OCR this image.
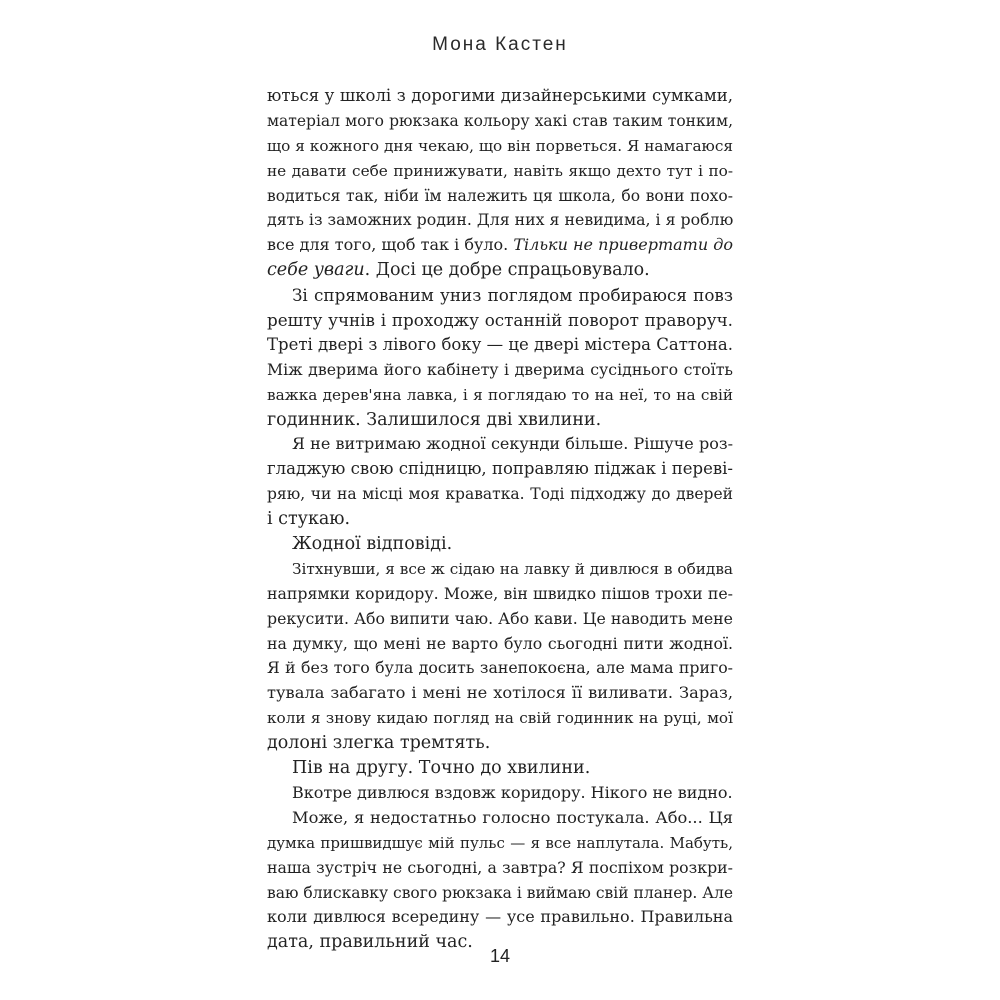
Мона Кастен
ються у школі з дорогими дизайнерськими сумками,
матеріал мого рюкзака кольору хакі став таким тонким,
що я кожного дня чекаю, що він порветься. Я намагаюся
не давати себе принижувати, навіть якщо дехто тут і по-
водиться так, ніби їм належить ця школа, бо вони похо-
дять із заможних родин. Для них я невидима, і я роблю
все для того, щоб так і було. Тільки не привертати до
себе уваги. Досі це добре спрацьовувало.
Зі спрямованим униз поглядом пробираюся повз
решту учнів і проходжу останній поворот праворуч.
Треті двері з лівого боку — це двері містера Саттона.
Між дверима його кабінету і дверима сусіднього стоїть
важка дерев'яна лавка, і я поглядаю то на неї, то на свій
годинник. Залишилося дві хвилини.
Я не витримаю жодної секунди більше. Рішуче роз-
гладжую свою спідницю, поправляю піджак і переві-
ряю, чи на місці моя краватка. Тоді підходжу до дверей
і стукаю.
Жодної відповіді.
Зітхнувши, я все ж сідаю на лавку й дивлюся в обидва
напрямки коридору. Може, він швидко пішов трохи пе-
рекусити. Або випити чаю. Або кави. Це наводить мене
на думку, що мені не варто було сьогодні пити жодної.
Я й без того була досить занепокоєна, але мама приго-
тувала забагато і мені не хотілося її виливати. Зараз,
коли я знову кидаю погляд на свій годинник на руці, мої
долоні злегка тремтять.
Пів на другу. Точно до хвилини.
Вкотре дивлюся вздовж коридору. Нікого не видно.
Може, я недостатньо голосно постукала. Або... Ця
думка пришвидшує мій пульс — я все наплутала. Мабуть,
наша зустріч не сьогодні, а завтра? Я поспіхом розкри-
ваю блискавку свого рюкзака і виймаю свій планер. Але
коли дивлюся всередину — усе правильно. Правильна
дата, правильний час.
14
